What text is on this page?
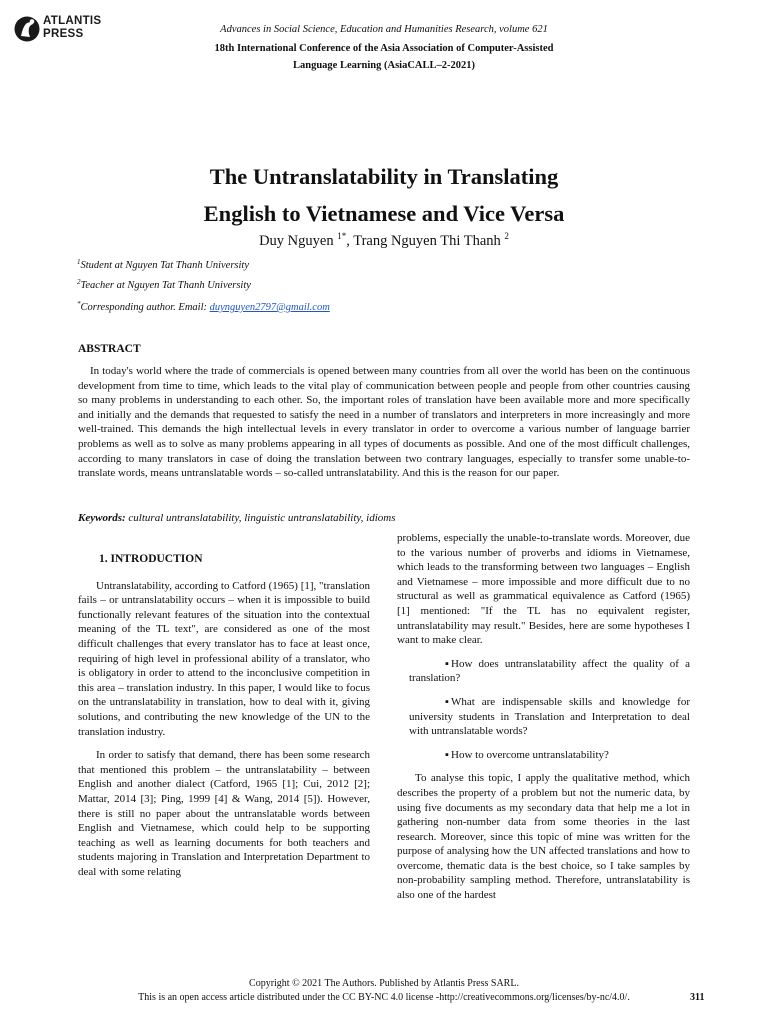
ATLANTIS
PRESS	Advances in Social Science, Education and Humanities Research, volume 621
18th International Conference of the Asia Association of Computer-Assisted
Language Learning (AsiaCALL–2-2021)
The Untranslatability in Translating
English to Vietnamese and Vice Versa
Duy Nguyen $^{1*}$, Trang Nguyen Thi Thanh $^2$
$^1$Student at Nguyen Tat Thanh University
$^2$Teacher at Nguyen Tat Thanh University
*Corresponding author. Email: duynguyen2797@gmail.com
ABSTRACT

In today's world where the trade of commercials is opened between many countries from all over the world has been on the continuous development from time to time, which leads to the vital play of communication between people and people from other countries causing so many problems in understanding to each other. So, the important roles of translation have been available more and more specifically and initially and the demands that requested to satisfy the need in a number of translators and interpreters in more increasingly and more well-trained. This demands the high intellectual levels in every translator in order to overcome a various number of language barrier problems as well as to solve as many problems appearing in all types of documents as possible. And one of the most difficult challenges, according to many translators in case of doing the translation between two contrary languages, especially to transfer some unable-to-translate words, means untranslatable words – so-called untranslatability. And this is the reason for our paper.

Keywords: cultural untranslatability, linguistic untranslatability, idioms

1. INTRODUCTION

Untranslatability, according to Catford (1965) [1], "translation fails – or untranslatability occurs – when it is impossible to build functionally relevant features of the situation into the contextual meaning of the TL text", are considered as one of the most difficult challenges that every translator has to face at least once, requiring of high level in professional ability of a translator, who is obligatory in order to attend to the inconclusive competition in this area – translation industry. In this paper, I would like to focus on the untranslatability in translation, how to deal with it, giving solutions, and contributing the new knowledge of the UN to the translation industry.

In order to satisfy that demand, there has been some research that mentioned this problem – the untranslatability – between English and another dialect (Catford, 1965 [1]; Cui, 2012 [2]; Mattar, 2014 [3]; Ping, 1999 [4] & Wang, 2014 [5]). However, there is still no paper about the untranslatable words between English and Vietnamese, which could help to be supporting teaching as well as learning documents for both teachers and students majoring in Translation and Interpretation Department to deal with some relating

problems, especially the unable-to-translate words. Moreover, due to the various number of proverbs and idioms in Vietnamese, which leads to the transforming between two languages – English and Vietnamese – more impossible and more difficult due to no structural as well as grammatical equivalence as Catford (1965) [1] mentioned: "If the TL has no equivalent register, untranslatability may result." Besides, here are some hypotheses I want to make clear.

▪ How does untranslatability affect the quality of a translation?

▪ What are indispensable skills and knowledge for university students in Translation and Interpretation to deal with untranslatable words?

▪ How to overcome untranslatability?

To analyse this topic, I apply the qualitative method, which describes the property of a problem but not the numeric data, by using five documents as my secondary data that help me a lot in gathering non-number data from some theories in the last research. Moreover, since this topic of mine was written for the purpose of analysing how the UN affected translations and how to overcome, thematic data is the best choice, so I take samples by non-probability sampling method. Therefore, untranslatability is also one of the hardest

Copyright © 2021 The Authors. Published by Atlantis Press SARL.
This is an open access article distributed under the CC BY-NC 4.0 license -http://creativecommons.org/licenses/by-nc/4.0/.	311
